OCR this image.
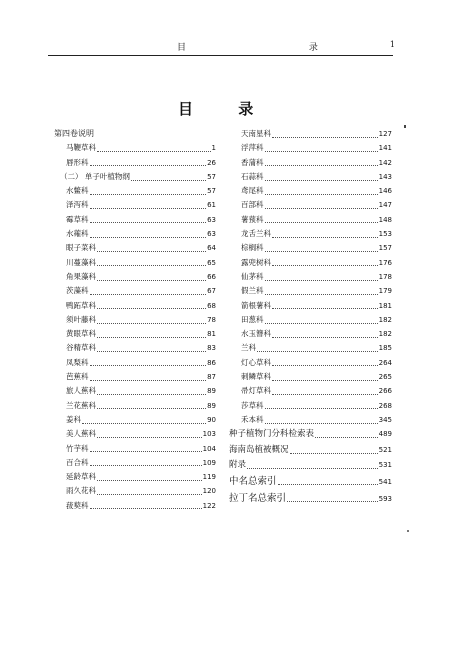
目 录 1
目 录
第四卷说明
马鞭草科	1
唇形科	26
（二） 单子叶植物纲	57
水鳖科	57
泽泻科	61
霉草科	63
水蕹科	63
眼子菜科	64
川蔓藻科	65
角果藻科	66
茨藻科	67
鸭跖草科	68
须叶藤科	78
黄眼草科	81
谷精草科	83
凤梨科	86
芭蕉科	87
旅人蕉科	89
兰花蕉科	89
姜科	90
美人蕉科	103
竹芋科	104
百合科	109
延龄草科	119
雨久花科	120
菝葜科	122
天南星科	127
浮萍科	141
香蒲科	142
石蒜科	143
鸢尾科	146
百部科	147
薯蓣科	148
龙舌兰科	153
棕榈科	157
露兜树科	176
仙茅科	178
假兰科	179
箭根薯科	181
田葱科	182
水玉簪科	182
兰科	185
灯心草科	264
刺鳞草科	265
帚灯草科	266
莎草科	268
禾本科	345
种子植物门分科检索表	489
海南岛植被概况	521
附录	531
中名总索引	541
拉丁名总索引	593
